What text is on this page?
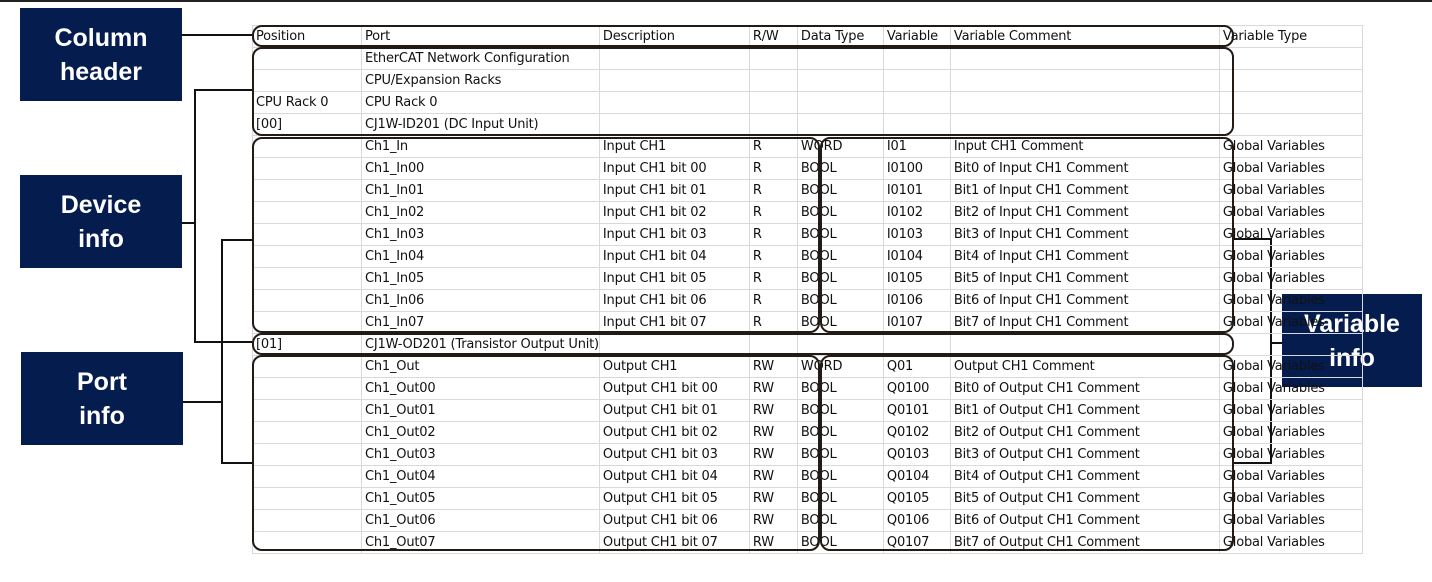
Column
header
Device
info
Port
info
Variable
info
Position	Port	Description	R/W	Data Type	Variable	Variable Comment	Variable Type
	EtherCAT Network Configuration						
	CPU/Expansion Racks						
CPU Rack 0	CPU Rack 0						
[00]	CJ1W-ID201 (DC Input Unit)						
	Ch1_In	Input CH1	R	WORD	I01	Input CH1 Comment	Global Variables
	Ch1_In00	Input CH1 bit 00	R	BOOL	I0100	Bit0 of Input CH1 Comment	Global Variables
	Ch1_In01	Input CH1 bit 01	R	BOOL	I0101	Bit1 of Input CH1 Comment	Global Variables
	Ch1_In02	Input CH1 bit 02	R	BOOL	I0102	Bit2 of Input CH1 Comment	Global Variables
	Ch1_In03	Input CH1 bit 03	R	BOOL	I0103	Bit3 of Input CH1 Comment	Global Variables
	Ch1_In04	Input CH1 bit 04	R	BOOL	I0104	Bit4 of Input CH1 Comment	Global Variables
	Ch1_In05	Input CH1 bit 05	R	BOOL	I0105	Bit5 of Input CH1 Comment	Global Variables
	Ch1_In06	Input CH1 bit 06	R	BOOL	I0106	Bit6 of Input CH1 Comment	Global Variables
	Ch1_In07	Input CH1 bit 07	R	BOOL	I0107	Bit7 of Input CH1 Comment	Global Variables
[01]	CJ1W-OD201 (Transistor Output Unit)						
	Ch1_Out	Output CH1	RW	WORD	Q01	Output CH1 Comment	Global Variables
	Ch1_Out00	Output CH1 bit 00	RW	BOOL	Q0100	Bit0 of Output CH1 Comment	Global Variables
	Ch1_Out01	Output CH1 bit 01	RW	BOOL	Q0101	Bit1 of Output CH1 Comment	Global Variables
	Ch1_Out02	Output CH1 bit 02	RW	BOOL	Q0102	Bit2 of Output CH1 Comment	Global Variables
	Ch1_Out03	Output CH1 bit 03	RW	BOOL	Q0103	Bit3 of Output CH1 Comment	Global Variables
	Ch1_Out04	Output CH1 bit 04	RW	BOOL	Q0104	Bit4 of Output CH1 Comment	Global Variables
	Ch1_Out05	Output CH1 bit 05	RW	BOOL	Q0105	Bit5 of Output CH1 Comment	Global Variables
	Ch1_Out06	Output CH1 bit 06	RW	BOOL	Q0106	Bit6 of Output CH1 Comment	Global Variables
	Ch1_Out07	Output CH1 bit 07	RW	BOOL	Q0107	Bit7 of Output CH1 Comment	Global Variables
